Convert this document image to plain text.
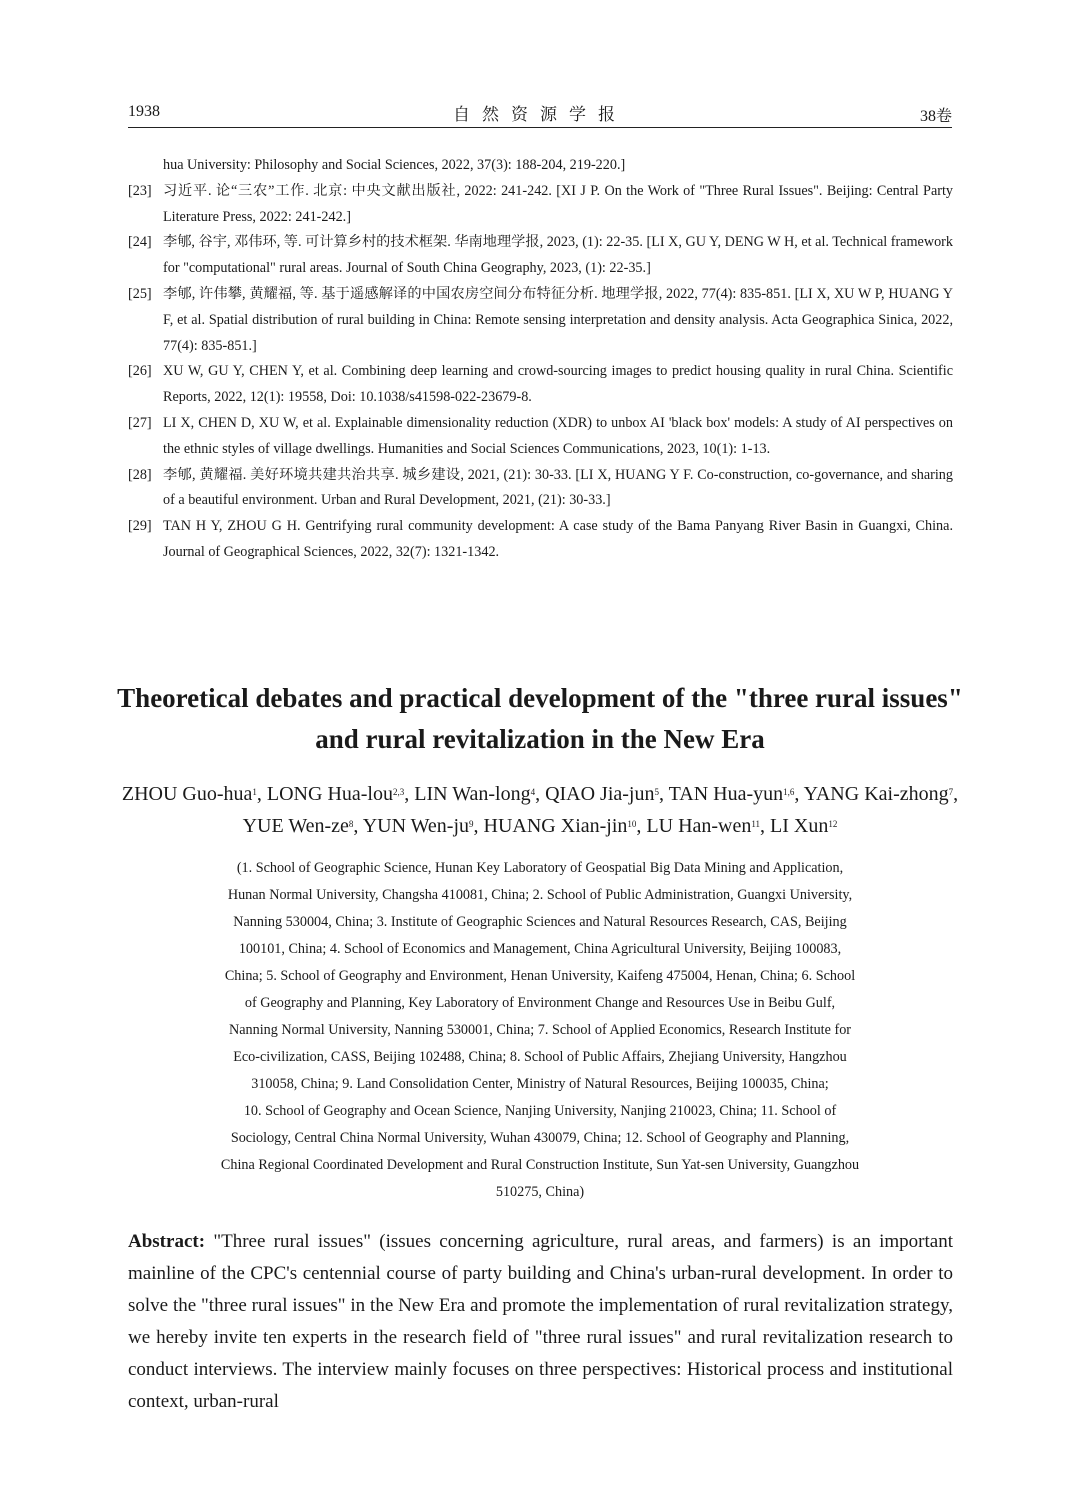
1938	自然资源学报	38卷
hua University: Philosophy and Social Sciences, 2022, 37(3): 188-204, 219-220.]
[23] 习近平. 论“三农”工作. 北京: 中央文献出版社, 2022: 241-242. [XI J P. On the Work of "Three Rural Issues". Beijing: Central Party Literature Press, 2022: 241-242.]
[24] 李郇, 谷宇, 邓伟环, 等. 可计算乡村的技术框架. 华南地理学报, 2023, (1): 22-35. [LI X, GU Y, DENG W H, et al. Technical framework for "computational" rural areas. Journal of South China Geography, 2023, (1): 22-35.]
[25] 李郇, 许伟攀, 黄耀福, 等. 基于遥感解译的中国农房空间分布特征分析. 地理学报, 2022, 77(4): 835-851. [LI X, XU W P, HUANG Y F, et al. Spatial distribution of rural building in China: Remote sensing interpretation and density analysis. Acta Geographica Sinica, 2022, 77(4): 835-851.]
[26] XU W, GU Y, CHEN Y, et al. Combining deep learning and crowd-sourcing images to predict housing quality in rural China. Scientific Reports, 2022, 12(1): 19558, Doi: 10.1038/s41598-022-23679-8.
[27] LI X, CHEN D, XU W, et al. Explainable dimensionality reduction (XDR) to unbox AI 'black box' models: A study of AI perspectives on the ethnic styles of village dwellings. Humanities and Social Sciences Communications, 2023, 10(1): 1-13.
[28] 李郇, 黄耀福. 美好环境共建共治共享. 城乡建设, 2021, (21): 30-33. [LI X, HUANG Y F. Co-construction, co-governance, and sharing of a beautiful environment. Urban and Rural Development, 2021, (21): 30-33.]
[29] TAN H Y, ZHOU G H. Gentrifying rural community development: A case study of the Bama Panyang River Basin in Guangxi, China. Journal of Geographical Sciences, 2022, 32(7): 1321-1342.
Theoretical debates and practical development of the "three rural issues" and rural revitalization in the New Era
ZHOU Guo-hua$^1$, LONG Hua-lou$^{2,3}$, LIN Wan-long$^4$, QIAO Jia-jun$^5$, TAN Hua-yun$^{1,6}$, YANG Kai-zhong$^7$, YUE Wen-$ze^8$, YUN Wen-$ju^9$, HUANG Xian-jin$^{10}$, LU Han-wen$^{11}$, LI Xun$^{12}$
(1. School of Geographic Science, Hunan Key Laboratory of Geospatial Big Data Mining and Application,
Hunan Normal University, Changsha 410081, China; 2. School of Public Administration, Guangxi University,
Nanning 530004, China; 3. Institute of Geographic Sciences and Natural Resources Research, CAS, Beijing
100101, China; 4. School of Economics and Management, China Agricultural University, Beijing 100083,
China; 5. School of Geography and Environment, Henan University, Kaifeng 475004, Henan, China; 6. School
of Geography and Planning, Key Laboratory of Environment Change and Resources Use in Beibu Gulf,
Nanning Normal University, Nanning 530001, China; 7. School of Applied Economics, Research Institute for
Eco-civilization, CASS, Beijing 102488, China; 8. School of Public Affairs, Zhejiang University, Hangzhou
310058, China; 9. Land Consolidation Center, Ministry of Natural Resources, Beijing 100035, China;
10. School of Geography and Ocean Science, Nanjing University, Nanjing 210023, China; 11. School of
Sociology, Central China Normal University, Wuhan 430079, China; 12. School of Geography and Planning,
China Regional Coordinated Development and Rural Construction Institute, Sun Yat-sen University, Guangzhou
510275, China)
Abstract: "Three rural issues" (issues concerning agriculture, rural areas, and farmers) is an important mainline of the CPC's centennial course of party building and China's urban-rural development. In order to solve the "three rural issues" in the New Era and promote the implementation of rural revitalization strategy, we hereby invite ten experts in the research field of "three rural issues" and rural revitalization research to conduct interviews. The interview mainly focuses on three perspectives: Historical process and institutional context, urban-rural
